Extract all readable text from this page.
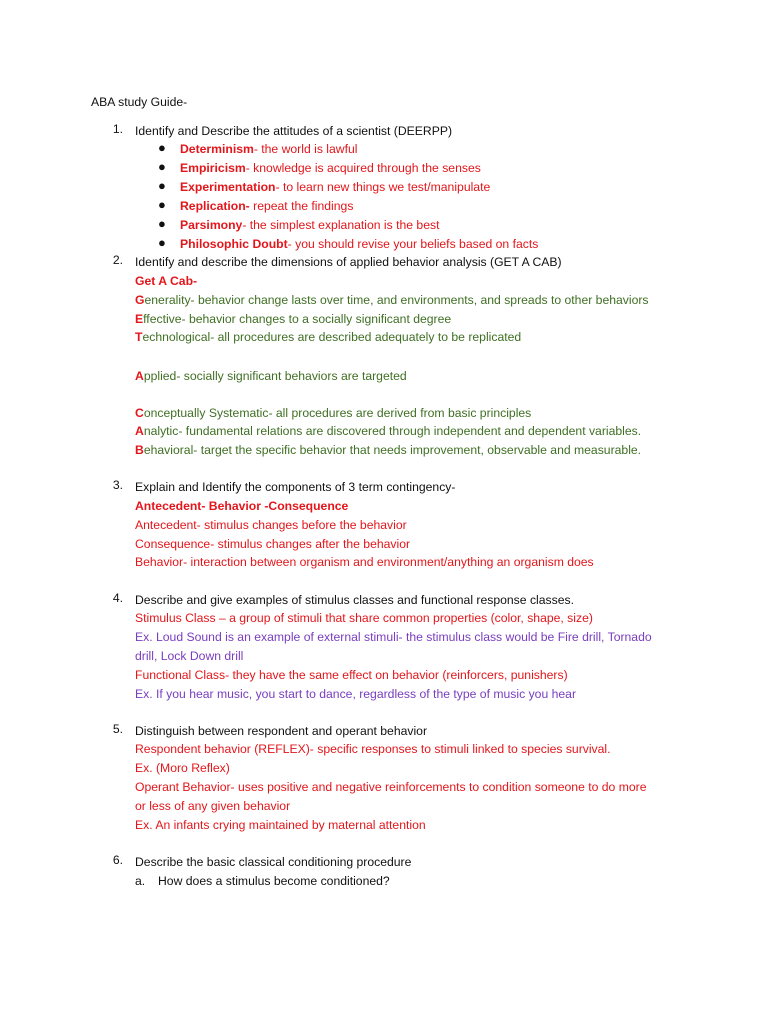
ABA study Guide-
1. Identify and Describe the attitudes of a scientist (DEERPP)
● Determinism- the world is lawful
● Empiricism- knowledge is acquired through the senses
● Experimentation- to learn new things we test/manipulate
● Replication- repeat the findings
● Parsimony- the simplest explanation is the best
● Philosophic Doubt- you should revise your beliefs based on facts
2. Identify and describe the dimensions of applied behavior analysis (GET A CAB)
Get A Cab-
Generality- behavior change lasts over time, and environments, and spreads to other behaviors
Effective- behavior changes to a socially significant degree
Technological- all procedures are described adequately to be replicated
Applied- socially significant behaviors are targeted
Conceptually Systematic- all procedures are derived from basic principles
Analytic- fundamental relations are discovered through independent and dependent variables.
Behavioral- target the specific behavior that needs improvement, observable and measurable.
3. Explain and Identify the components of 3 term contingency-
Antecedent- Behavior -Consequence
Antecedent- stimulus changes before the behavior
Consequence- stimulus changes after the behavior
Behavior- interaction between organism and environment/anything an organism does
4. Describe and give examples of stimulus classes and functional response classes.
Stimulus Class – a group of stimuli that share common properties (color, shape, size)
Ex. Loud Sound is an example of external stimuli- the stimulus class would be Fire drill, Tornado
drill, Lock Down drill
Functional Class- they have the same effect on behavior (reinforcers, punishers)
Ex. If you hear music, you start to dance, regardless of the type of music you hear
5. Distinguish between respondent and operant behavior
Respondent behavior (REFLEX)- specific responses to stimuli linked to species survival.
Ex. (Moro Reflex)
Operant Behavior- uses positive and negative reinforcements to condition someone to do more
or less of any given behavior
Ex. An infants crying maintained by maternal attention
6. Describe the basic classical conditioning procedure
a. How does a stimulus become conditioned?
